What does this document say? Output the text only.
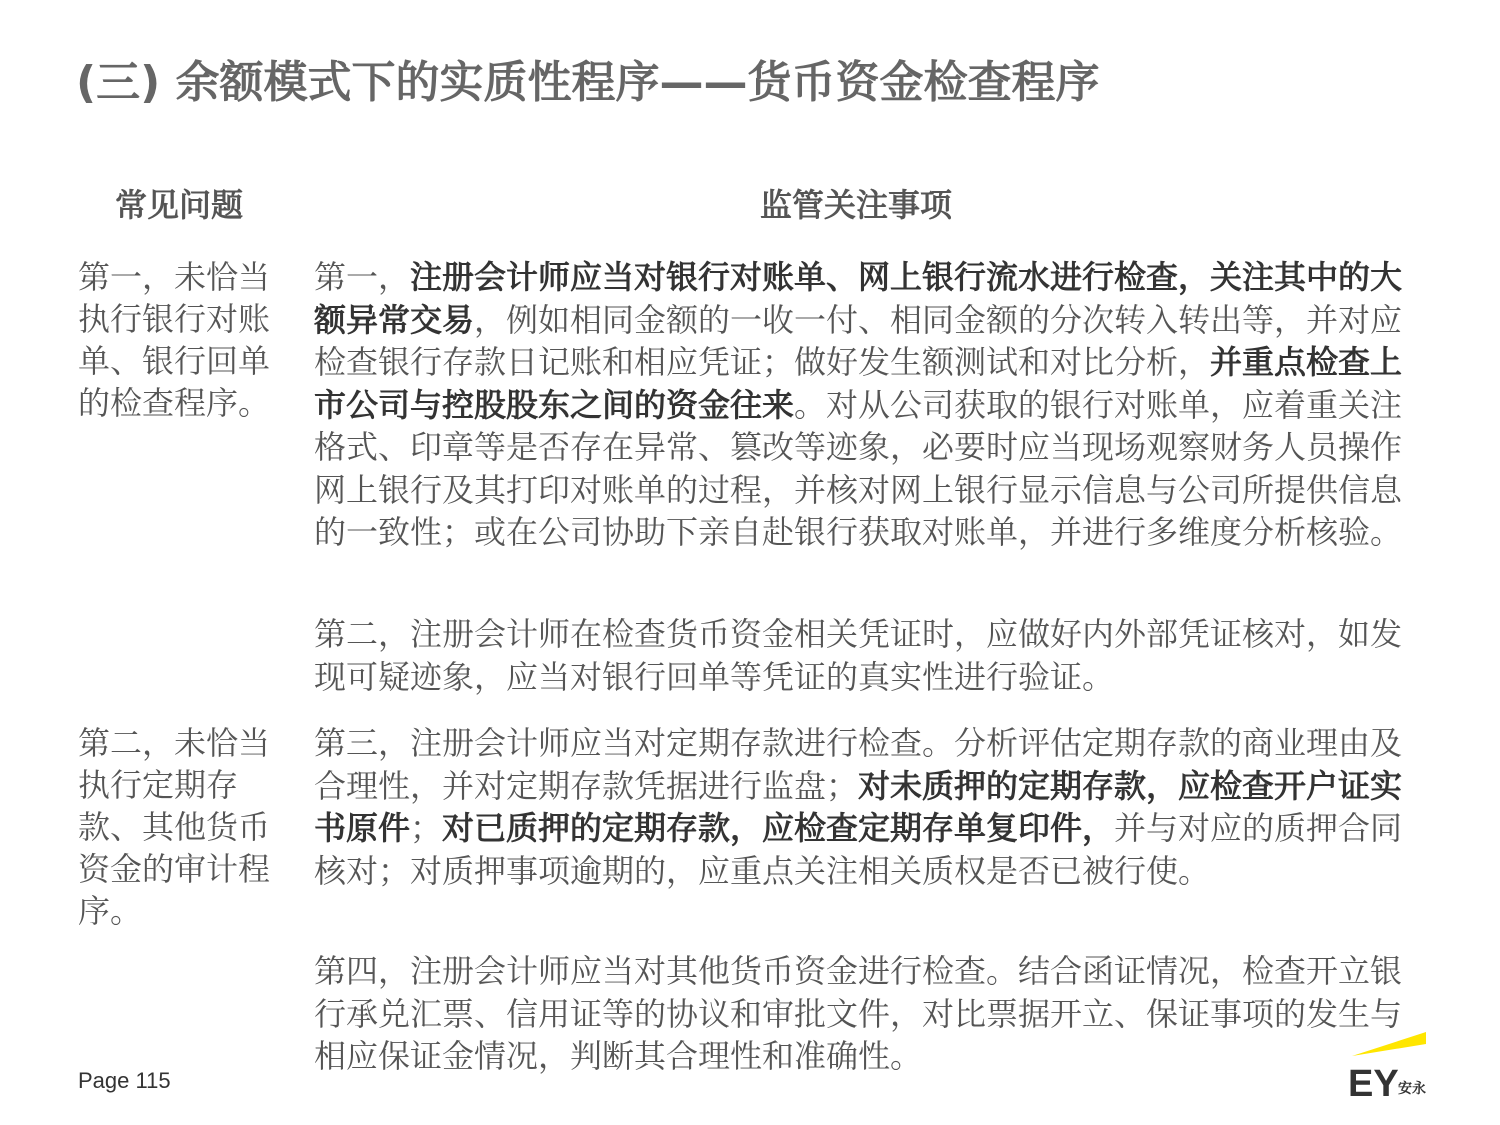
(三) 余额模式下的实质性程序——货币资金检查程序
常见问题	监管关注事项
第一，未恰当执行银行对账单、银行回单的检查程序。
第二，未恰当执行定期存款、其他货币资金的审计程序。
第一，注册会计师应当对银行对账单、网上银行流水进行检查，关注其中的大额异常交易，例如相同金额的一收一付、相同金额的分次转入转出等，并对应检查银行存款日记账和相应凭证；做好发生额测试和对比分析，并重点检查上市公司与控股股东之间的资金往来。对从公司获取的银行对账单，应着重关注格式、印章等是否存在异常、篡改等迹象，必要时应当现场观察财务人员操作网上银行及其打印对账单的过程，并核对网上银行显示信息与公司所提供信息的一致性；或在公司协助下亲自赴银行获取对账单，并进行多维度分析核验。
第二，注册会计师在检查货币资金相关凭证时，应做好内外部凭证核对，如发现可疑迹象，应当对银行回单等凭证的真实性进行验证。
第三，注册会计师应当对定期存款进行检查。分析评估定期存款的商业理由及合理性，并对定期存款凭据进行监盘；对未质押的定期存款，应检查开户证实书原件；对已质押的定期存款，应检查定期存单复印件，并与对应的质押合同核对；对质押事项逾期的，应重点关注相关质权是否已被行使。
第四，注册会计师应当对其他货币资金进行检查。结合函证情况，检查开立银行承兑汇票、信用证等的协议和审批文件，对比票据开立、保证事项的发生与相应保证金情况，判断其合理性和准确性。
Page 115	EY 安永
